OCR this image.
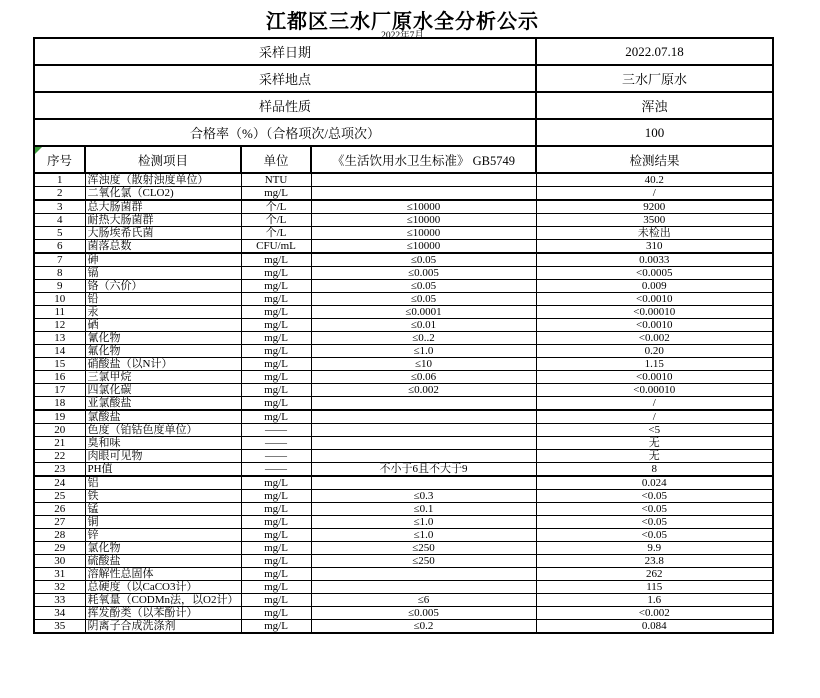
江都区三水厂原水全分析公示
2022年7月
采样日期				2022.07.18
采样地点				三水厂原水
样品性质				浑浊
合格率（%）（合格项次/总项次）				100

序号	检测项目	单位	《生活饮用水卫生标准》 GB5749	检测结果
1	浑浊度（散射浊度单位）	NTU		40.2
2	二氧化氯（CLO2)	mg/L		/
3	总大肠菌群	个/L	≤10000	9200
4	耐热大肠菌群	个/L	≤10000	3500
5	大肠埃希氏菌	个/L	≤10000	未检出
6	菌落总数	CFU/mL	≤10000	310
7	砷	mg/L	≤0.05	0.0033
8	镉	mg/L	≤0.005	<0.0005
9	铬（六价）	mg/L	≤0.05	0.009
10	铅	mg/L	≤0.05	<0.0010
11	汞	mg/L	≤0.0001	<0.00010
12	硒	mg/L	≤0.01	<0.0010
13	氰化物	mg/L	≤0..2	<0.002
14	氟化物	mg/L	≤1.0	0.20
15	硝酸盐（以N计）	mg/L	≤10	1.15
16	三氯甲烷	mg/L	≤0.06	<0.0010
17	四氯化碳	mg/L	≤0.002	<0.00010
18	亚氯酸盐	mg/L		/
19	氯酸盐	mg/L		/
20	色度（铂钴色度单位）	——		<5
21	臭和味	——		无
22	肉眼可见物	——		无
23	PH值	——	不小于6且不大于9	8
24	铝	mg/L		0.024
25	铁	mg/L	≤0.3	<0.05
26	锰	mg/L	≤0.1	<0.05
27	铜	mg/L	≤1.0	<0.05
28	锌	mg/L	≤1.0	<0.05
29	氯化物	mg/L	≤250	9.9
30	硫酸盐	mg/L	≤250	23.8
31	溶解性总固体	mg/L		262
32	总硬度（以CaCO3计）	mg/L		115
33	耗氧量（CODMn法，以O2计）	mg/L	≤6	1.6
34	挥发酚类（以苯酚计）	mg/L	≤0.005	<0.002
35	阴离子合成洗涤剂	mg/L	≤0.2	0.084
